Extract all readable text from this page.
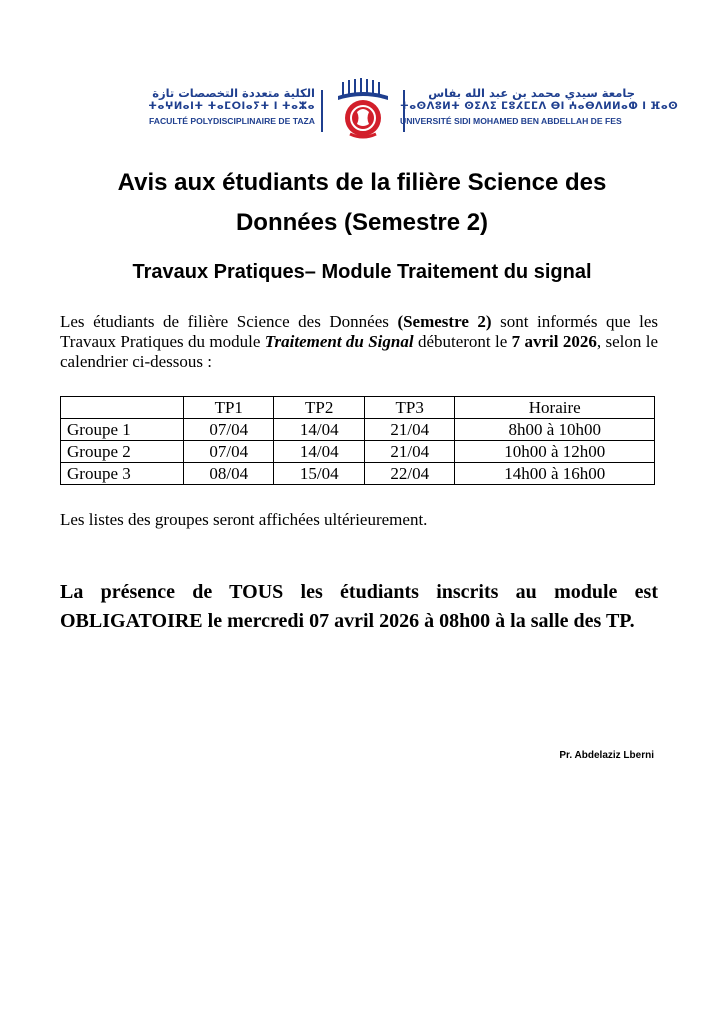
الكلية متعددة التخصصات تازة
ⵜⴰⵖⵍⴰⵏⵜ ⵜⴰⵎⵔⵏⴰⵢⵜ ⵏ ⵜⴰⵣⴰ
FACULTÉ POLYDISCIPLINAIRE DE TAZA
جامعة سيدي محمد بن عبد الله بفاس
ⵜⴰⵙⴷⵓⵍⵜ ⵙⵉⴷⵉ ⵎⵓⵃⵎⵎⴷ ⴱⵏ ⵄⴰⴱⴷⵍⵍⴰⵀ ⵏ ⴼⴰⵙ
UNIVERSITÉ SIDI MOHAMED BEN ABDELLAH DE FES
Avis aux étudiants de la filière Science des
Données (Semestre 2)
Travaux Pratiques– Module Traitement du signal
Les étudiants de filière Science des Données (Semestre 2) sont informés que les Travaux Pratiques du module Traitement du Signal débuteront le 7 avril 2026, selon le calendrier ci-dessous :
	TP1	TP2	TP3	Horaire
Groupe 1	07/04	14/04	21/04	8h00 à 10h00
Groupe 2	07/04	14/04	21/04	10h00 à 12h00
Groupe 3	08/04	15/04	22/04	14h00 à 16h00
Les listes des groupes seront affichées ultérieurement.
La présence de TOUS les étudiants inscrits au module est OBLIGATOIRE le mercredi 07 avril 2026 à 08h00 à la salle des TP.
Pr. Abdelaziz Lberni
